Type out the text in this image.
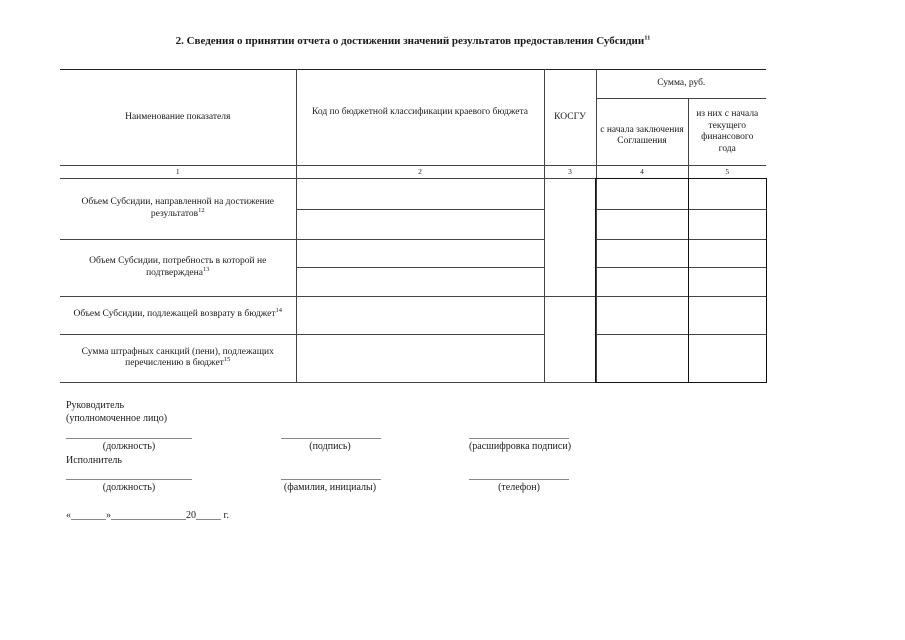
2. Сведения о принятии отчета о достижении значений результатов предоставления Субсидии$^{11}$
Наименование показателя	Код по бюджетной классификации краевого бюджета	КОСГУ	Сумма, руб.	
			с начала заключения Соглашения	из них с начала текущего финансового года
1	2	3	4	5
Объем Субсидии, направленной на достижение результатов$^{12}$				

Объем Субсидии, потребность в которой не подтверждена$^{13}$			

Объем Субсидии, подлежащей возврату в бюджет$^{14}$				
Сумма штрафных санкций (пени), подлежащих перечислению в бюджет$^{15}$			
Руководитель
(уполномоченное лицо)
(должность)	(подпись)	(расшифровка подписи)
Исполнитель
(должность)	(фамилия, инициалы)	(телефон)
«_______»_______________20_____ г.
